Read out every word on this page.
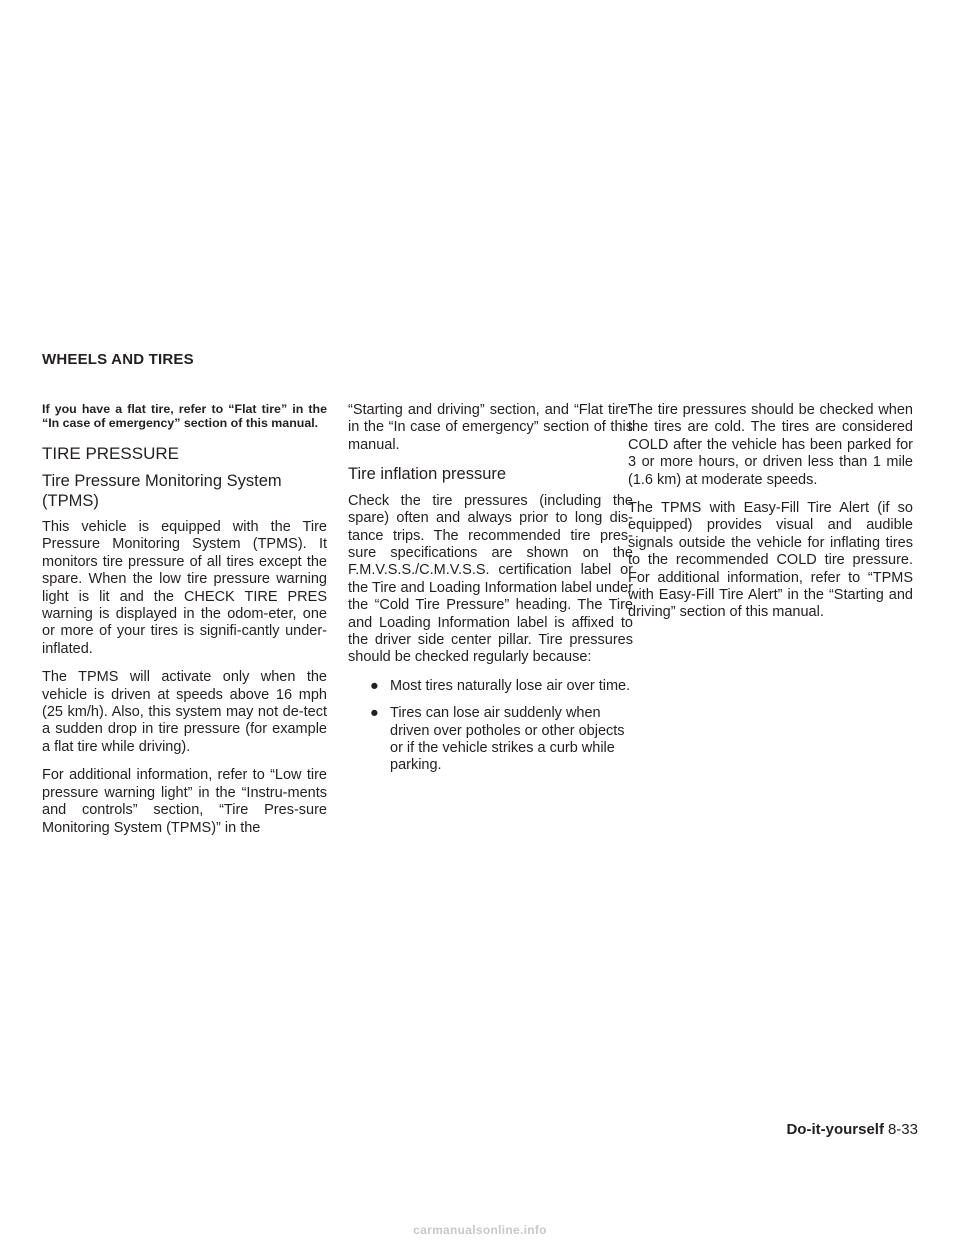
WHEELS AND TIRES

If you have a flat tire, refer to “Flat tire” in the “In case of emergency” section of this manual.

TIRE PRESSURE
Tire Pressure Monitoring System (TPMS)

This vehicle is equipped with the Tire Pressure Monitoring System (TPMS). It monitors tire pressure of all tires except the spare. When the low tire pressure warning light is lit and the CHECK TIRE PRES warning is displayed in the odom-eter, one or more of your tires is signifi-cantly under-inflated.

The TPMS will activate only when the vehicle is driven at speeds above 16 mph (25 km/h). Also, this system may not de-tect a sudden drop in tire pressure (for example a flat tire while driving).

For additional information, refer to “Low tire pressure warning light” in the “Instru-ments and controls” section, “Tire Pres-sure Monitoring System (TPMS)” in the

“Starting and driving” section, and “Flat tire” in the “In case of emergency” section of this manual.

Tire inflation pressure

Check the tire pressures (including the spare) often and always prior to long dis-tance trips. The recommended tire pres-sure specifications are shown on the F.M.V.S.S./C.M.V.S.S. certification label or the Tire and Loading Information label under the “Cold Tire Pressure” heading. The Tire and Loading Information label is affixed to the driver side center pillar. Tire pressures should be checked regularly because:

● Most tires naturally lose air over time.
● Tires can lose air suddenly when driven over potholes or other objects or if the vehicle strikes a curb while parking.

The tire pressures should be checked when the tires are cold. The tires are considered COLD after the vehicle has been parked for 3 or more hours, or driven less than 1 mile (1.6 km) at moderate speeds.

The TPMS with Easy-Fill Tire Alert (if so equipped) provides visual and audible signals outside the vehicle for inflating tires to the recommended COLD tire pressure. For additional information, refer to “TPMS with Easy-Fill Tire Alert” in the “Starting and driving” section of this manual.

Do-it-yourself 8-33
carmanualsonline.info
